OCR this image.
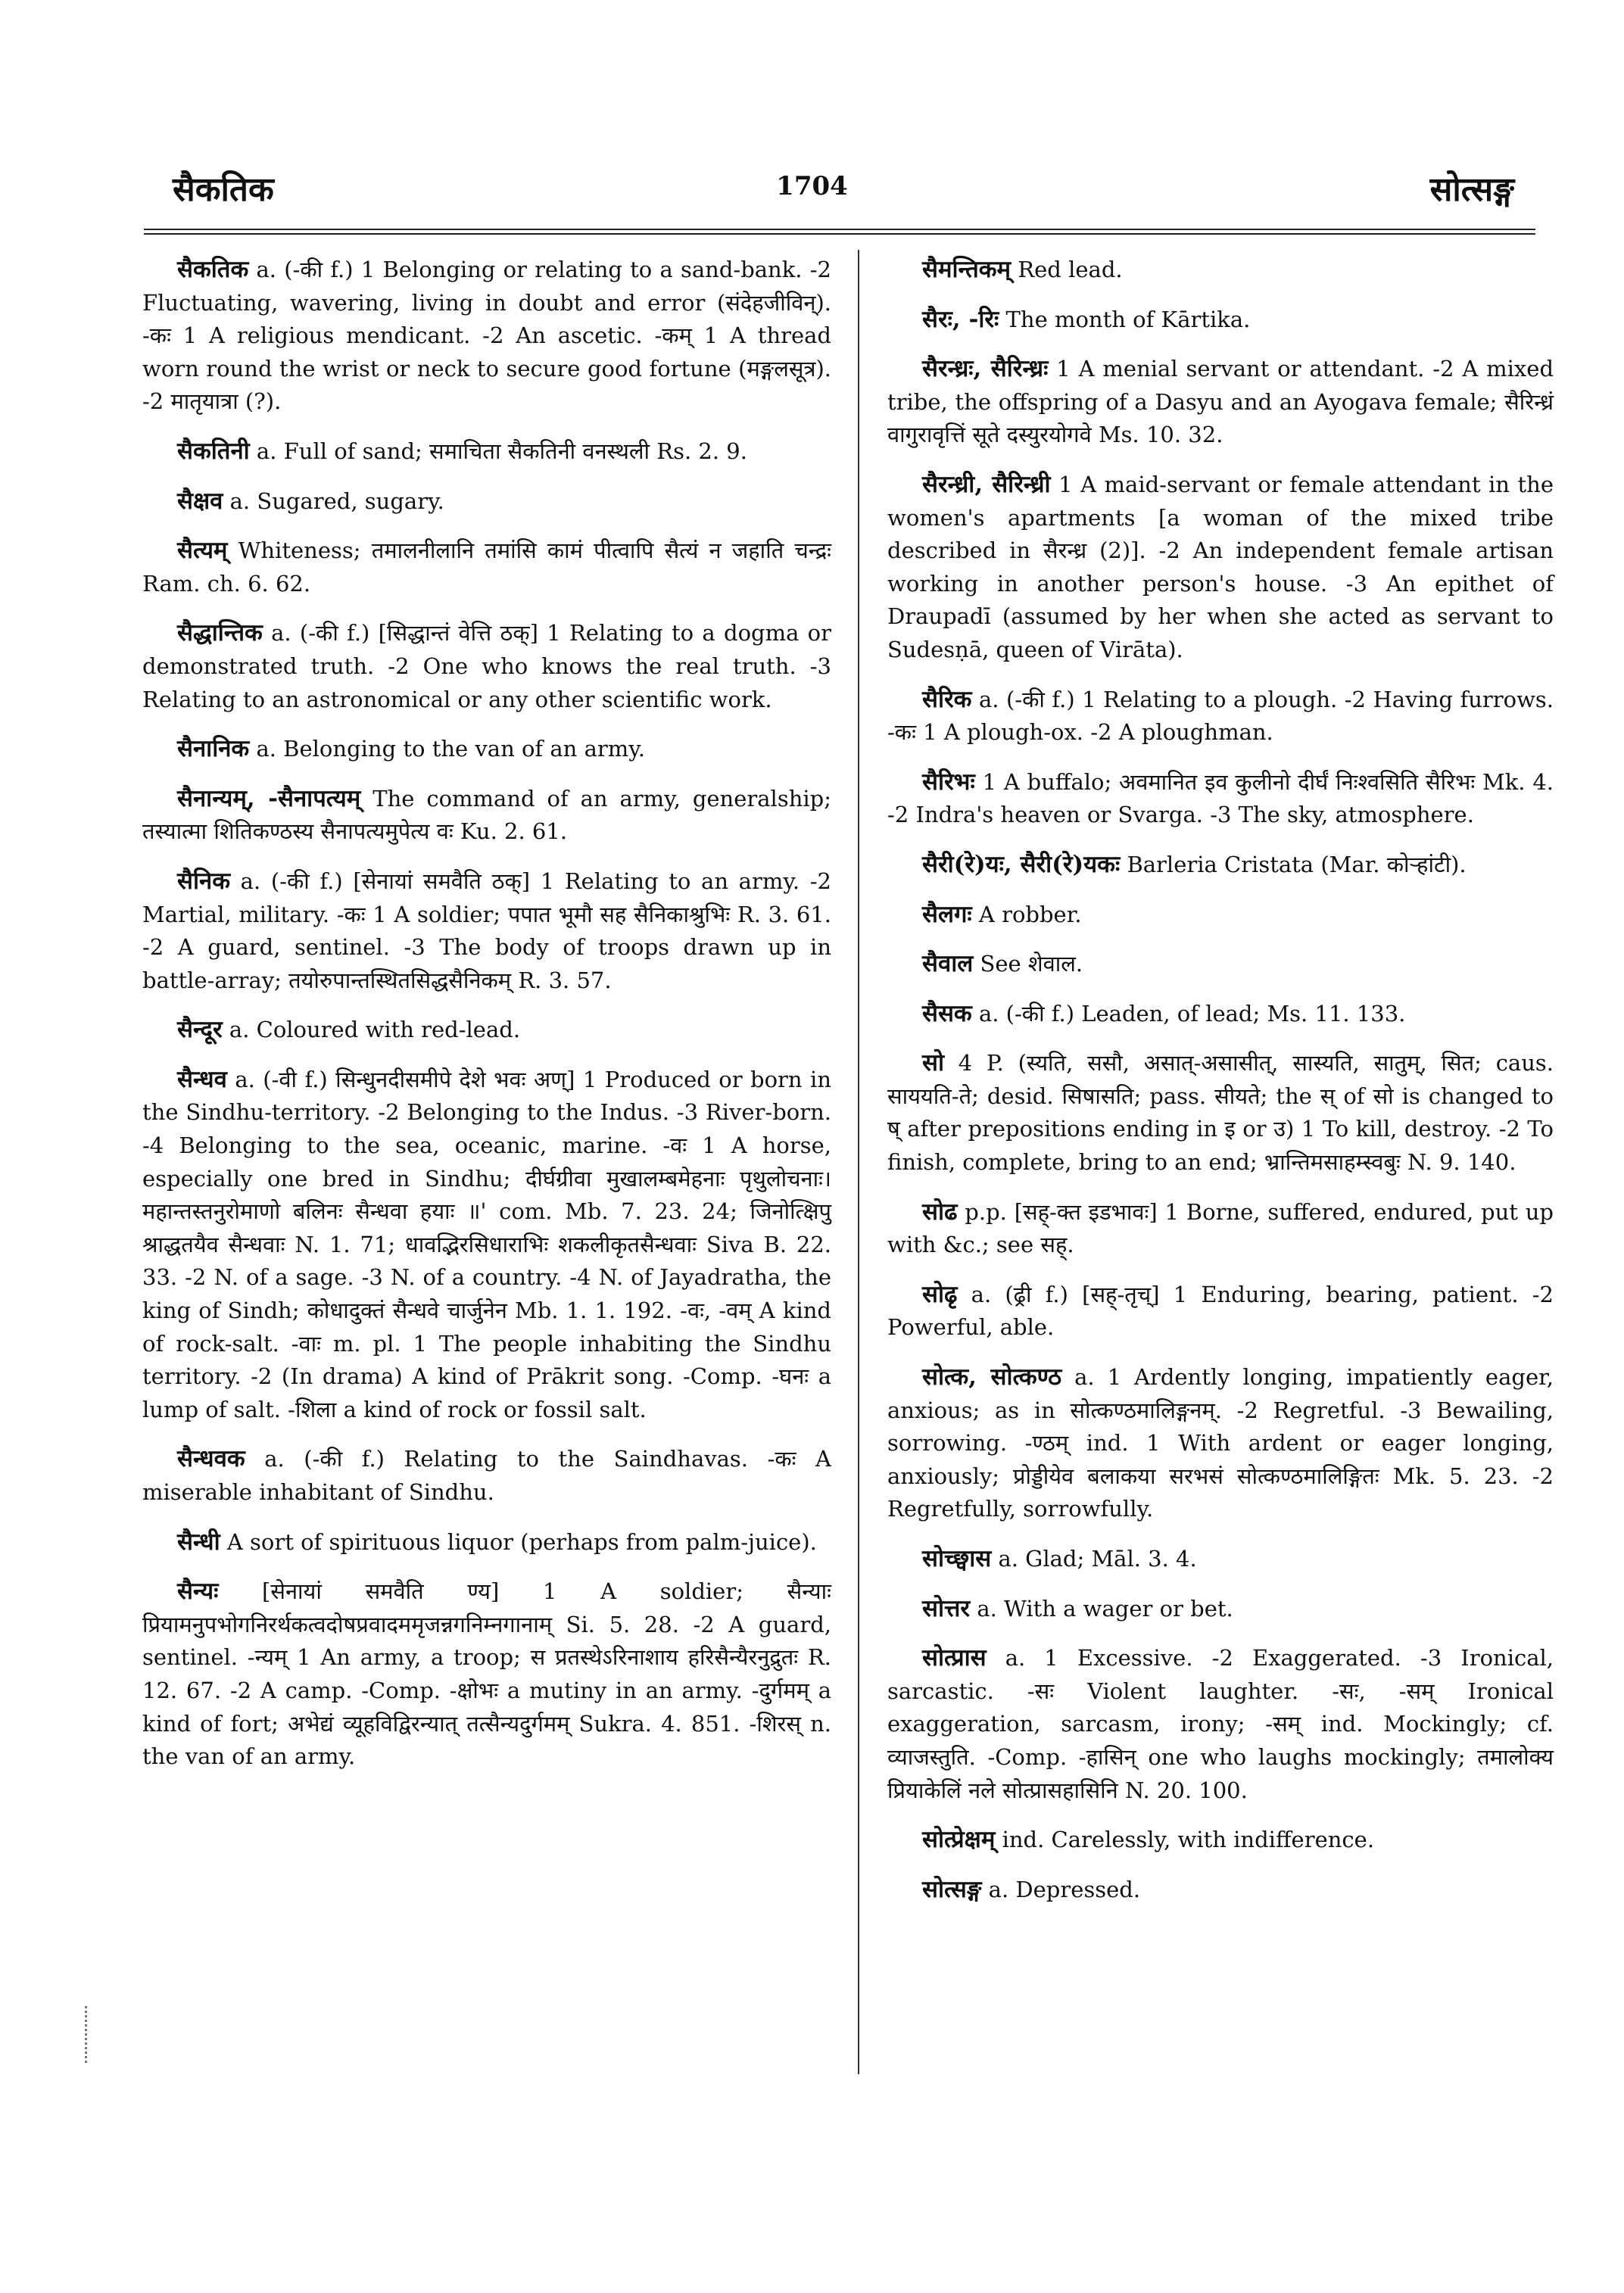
सैकतिक	1704	सोत्सङ्ग

सैकतिक a. (-की f.) 1 Belonging or relating to a sand-bank. -2 Fluctuating, wavering, living in doubt and error (संदेहजीविन्). -कः 1 A religious mendicant. -2 An ascetic. -कम् 1 A thread worn round the wrist or neck to secure good fortune (मङ्गलसूत्र). -2 मातृयात्रा (?).

सैकतिनी a. Full of sand; समाचिता सैकतिनी वनस्थली Rs. 2. 9.

सैक्षव a. Sugared, sugary.

सैत्यम् Whiteness; तमालनीलानि तमांसि कामं पीत्वापि सैत्यं न जहाति चन्द्रः Ram. ch. 6. 62.

सैद्धान्तिक a. (-की f.) [सिद्धान्तं वेत्ति ठक्] 1 Relating to a dogma or demonstrated truth. -2 One who knows the real truth. -3 Relating to an astronomical or any other scientific work.

सैनानिक a. Belonging to the van of an army.

सैनान्यम्, -सैनापत्यम् The command of an army, generalship; तस्यात्मा शितिकण्ठस्य सैनापत्यमुपेत्य वः Ku. 2. 61.

सैनिक a. (-की f.) [सेनायां समवैति ठक्] 1 Relating to an army. -2 Martial, military. -कः 1 A soldier; पपात भूमौ सह सैनिकाश्रुभिः R. 3. 61. -2 A guard, sentinel. -3 The body of troops drawn up in battle-array; तयोरुपान्तस्थितसिद्धसैनिकम् R. 3. 57.

सैन्दूर a. Coloured with red-lead.

सैन्धव a. (-वी f.) सिन्धुनदीसमीपे देशे भवः अण्] 1 Produced or born in the Sindhu-territory. -2 Belonging to the Indus. -3 River-born. -4 Belonging to the sea, oceanic, marine. -वः 1 A horse, especially one bred in Sindhu; दीर्घग्रीवा मुखालम्बमेहनाः पृथुलोचनाः। महान्तस्तनुरोमाणो बलिनः सैन्धवा हयाः ॥' com. Mb. 7. 23. 24; जिनोत्क्षिपु श्राद्धतयैव सैन्धवाः N. 1. 71; धावद्भिरसिधाराभिः शकलीकृतसैन्धवाः Siva B. 22. 33. -2 N. of a sage. -3 N. of a country. -4 N. of Jayadratha, the king of Sindh; कोधादुक्तं सैन्धवे चार्जुनेन Mb. 1. 1. 192. -वः, -वम् A kind of rock-salt. -वाः m. pl. 1 The people inhabiting the Sindhu territory. -2 (In drama) A kind of Prākrit song. -Comp. -घनः a lump of salt. -शिला a kind of rock or fossil salt.

सैन्धवक a. (-की f.) Relating to the Saindhavas. -कः A miserable inhabitant of Sindhu.

सैन्धी A sort of spirituous liquor (perhaps from palm-juice).

सैन्यः [सेनायां समवैति ण्य] 1 A soldier; सैन्याः प्रियामनुपभोगनिरर्थकत्वदोषप्रवादममृजन्नगनिम्नगानाम् Si. 5. 28. -2 A guard, sentinel. -न्यम् 1 An army, a troop; स प्रतस्थेऽरिनाशाय हरिसैन्यैरनुद्रुतः R. 12. 67. -2 A camp. -Comp. -क्षोभः a mutiny in an army. -दुर्गमम् a kind of fort; अभेद्यं व्यूहविद्विरन्यात् तत्सैन्यदुर्गमम् Sukra. 4. 851. -शिरस् n. the van of an army.

सैमन्तिकम् Red lead.

सैरः, -रिः The month of Kārtika.

सैरन्ध्रः, सैरिन्ध्रः 1 A menial servant or attendant. -2 A mixed tribe, the offspring of a Dasyu and an Ayogava female; सैरिन्ध्रं वागुरावृत्तिं सूते दस्युरयोगवे Ms. 10. 32.

सैरन्ध्री, सैरिन्ध्री 1 A maid-servant or female attendant in the women's apartments [a woman of the mixed tribe described in सैरन्ध्र (2)]. -2 An independent female artisan working in another person's house. -3 An epithet of Draupadī (assumed by her when she acted as servant to Sudesṇā, queen of Virāta).

सैरिक a. (-की f.) 1 Relating to a plough. -2 Having furrows. -कः 1 A plough-ox. -2 A ploughman.

सैरिभः 1 A buffalo; अवमानित इव कुलीनो दीर्घं निःश्वसिति सैरिभः Mk. 4. -2 Indra's heaven or Svarga. -3 The sky, atmosphere.

सैरी(रे)यः, सैरी(रे)यकः Barleria Cristata (Mar. कोऱ्हांटी).

सैलगः A robber.

सैवाल See शेवाल.

सैसक a. (-की f.) Leaden, of lead; Ms. 11. 133.

सो 4 P. (स्यति, ससौ, असात्-असासीत्, सास्यति, सातुम्, सित; caus. साययति-ते; desid. सिषासति; pass. सीयते; the स् of सो is changed to ष् after prepositions ending in इ or उ) 1 To kill, destroy. -2 To finish, complete, bring to an end; भ्रान्तिमसाहम्स्वबुः N. 9. 140.

सोढ p.p. [सह्-क्त इडभावः] 1 Borne, suffered, endured, put up with &c.; see सह्.

सोढृ a. (ढ्री f.) [सह्-तृच्] 1 Enduring, bearing, patient. -2 Powerful, able.

सोत्क, सोत्कण्ठ a. 1 Ardently longing, impatiently eager, anxious; as in सोत्कण्ठमालिङ्गनम्. -2 Regretful. -3 Bewailing, sorrowing. -ण्ठम् ind. 1 With ardent or eager longing, anxiously; प्रोड्डीयेव बलाकया सरभसं सोत्कण्ठमालिङ्गितः Mk. 5. 23. -2 Regretfully, sorrowfully.

सोच्छ्वास a. Glad; Māl. 3. 4.

सोत्तर a. With a wager or bet.

सोत्प्रास a. 1 Excessive. -2 Exaggerated. -3 Ironical, sarcastic. -सः Violent laughter. -सः, -सम् Ironical exaggeration, sarcasm, irony; -सम् ind. Mockingly; cf. व्याजस्तुति. -Comp. -हासिन् one who laughs mockingly; तमालोक्य प्रियाकेलिं नले सोत्प्रासहासिनि N. 20. 100.

सोत्प्रेक्षम् ind. Carelessly, with indifference.

सोत्सङ्ग a. Depressed.
